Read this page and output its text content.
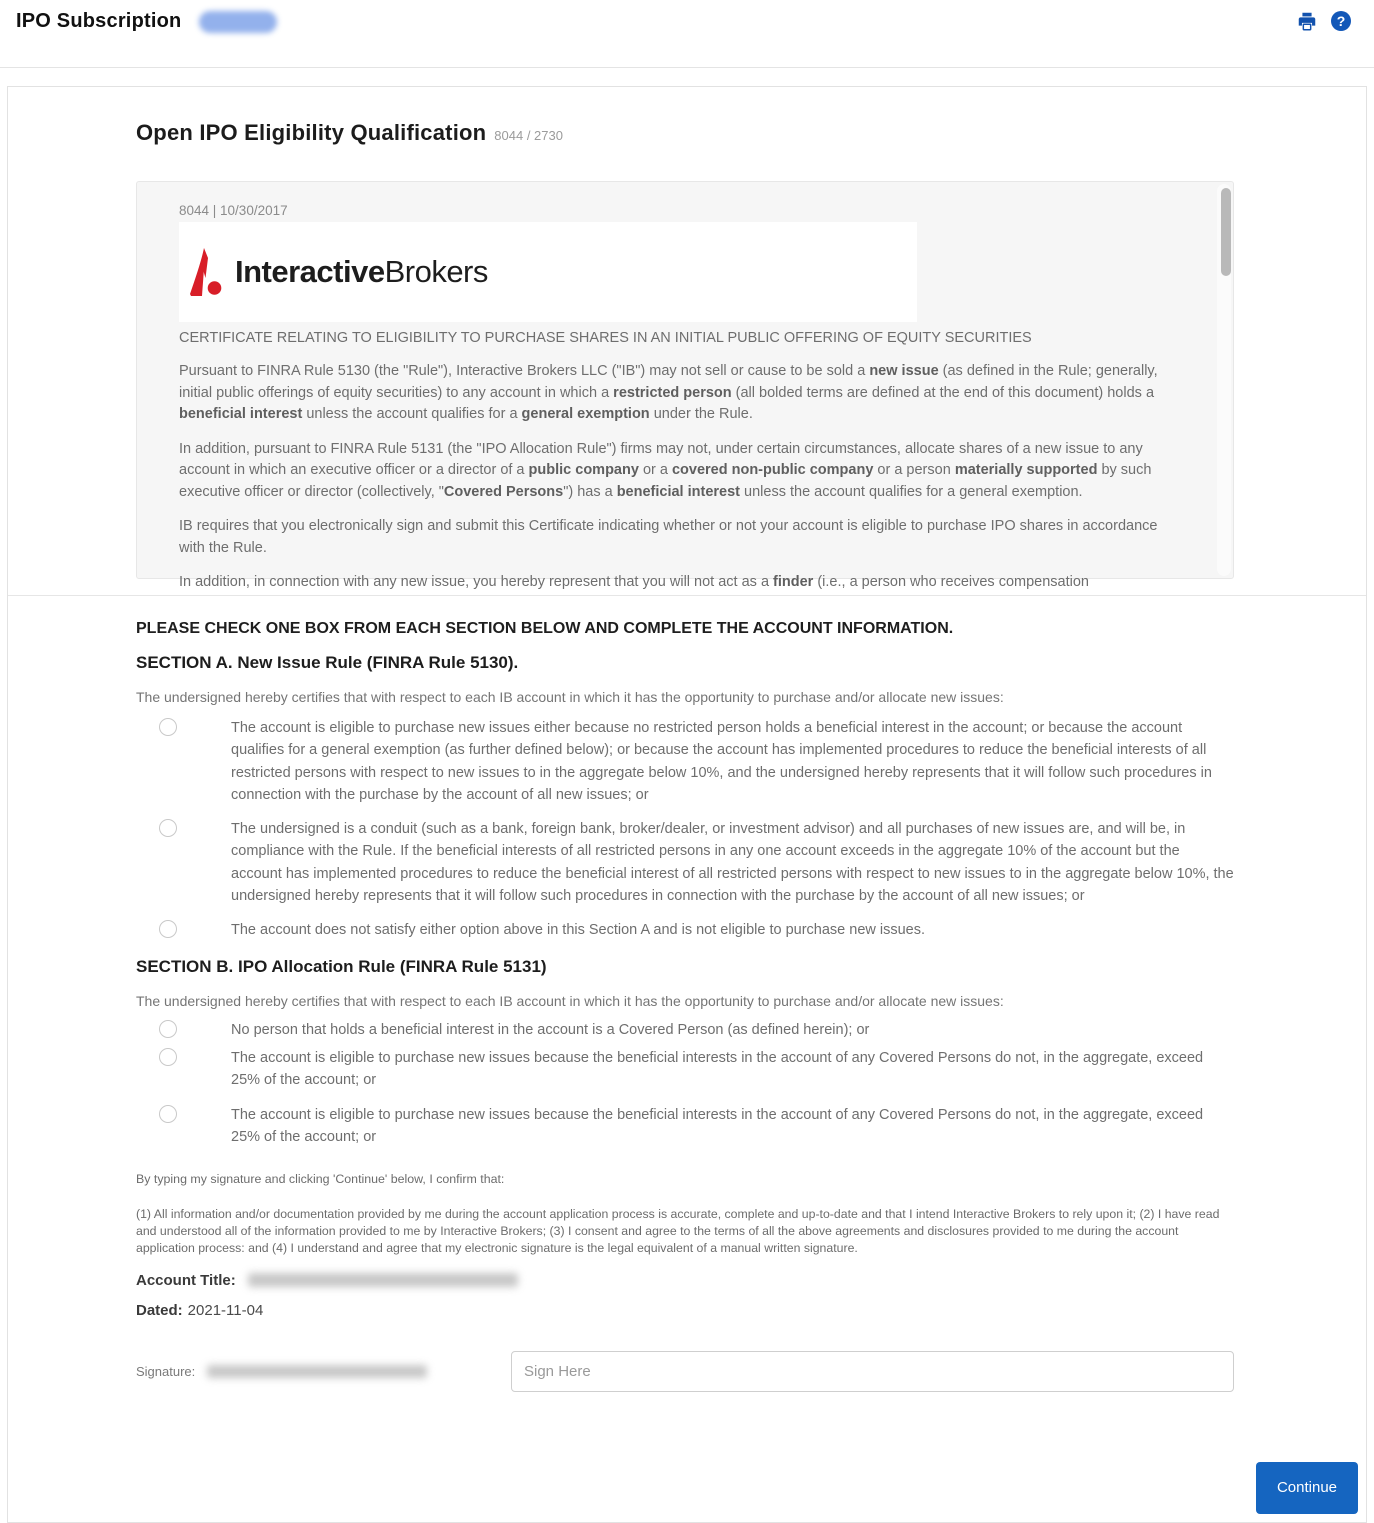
IPO Subscription	?
Open IPO Eligibility Qualification 8044 / 2730
8044 | 10/30/2017
InteractiveBrokers
CERTIFICATE RELATING TO ELIGIBILITY TO PURCHASE SHARES IN AN INITIAL PUBLIC OFFERING OF EQUITY SECURITIES

Pursuant to FINRA Rule 5130 (the "Rule"), Interactive Brokers LLC ("IB") may not sell or cause to be sold a new issue (as defined in the Rule; generally, initial public offerings of equity securities) to any account in which a restricted person (all bolded terms are defined at the end of this document) holds a beneficial interest unless the account qualifies for a general exemption under the Rule.

In addition, pursuant to FINRA Rule 5131 (the "IPO Allocation Rule") firms may not, under certain circumstances, allocate shares of a new issue to any account in which an executive officer or a director of a public company or a covered non-public company or a person materially supported by such executive officer or director (collectively, "Covered Persons") has a beneficial interest unless the account qualifies for a general exemption.

IB requires that you electronically sign and submit this Certificate indicating whether or not your account is eligible to purchase IPO shares in accordance with the Rule.

In addition, in connection with any new issue, you hereby represent that you will not act as a finder (i.e., a person who receives compensation

PLEASE CHECK ONE BOX FROM EACH SECTION BELOW AND COMPLETE THE ACCOUNT INFORMATION.
SECTION A. New Issue Rule (FINRA Rule 5130).
The undersigned hereby certifies that with respect to each IB account in which it has the opportunity to purchase and/or allocate new issues:

The account is eligible to purchase new issues either because no restricted person holds a beneficial interest in the account; or because the account qualifies for a general exemption (as further defined below); or because the account has implemented procedures to reduce the beneficial interests of all restricted persons with respect to new issues to in the aggregate below 10%, and the undersigned hereby represents that it will follow such procedures in connection with the purchase by the account of all new issues; or

The undersigned is a conduit (such as a bank, foreign bank, broker/dealer, or investment advisor) and all purchases of new issues are, and will be, in compliance with the Rule. If the beneficial interests of all restricted persons in any one account exceeds in the aggregate 10% of the account but the account has implemented procedures to reduce the beneficial interest of all restricted persons with respect to new issues to in the aggregate below 10%, the undersigned hereby represents that it will follow such procedures in connection with the purchase by the account of all new issues; or

The account does not satisfy either option above in this Section A and is not eligible to purchase new issues.

SECTION B. IPO Allocation Rule (FINRA Rule 5131)
The undersigned hereby certifies that with respect to each IB account in which it has the opportunity to purchase and/or allocate new issues:

No person that holds a beneficial interest in the account is a Covered Person (as defined herein); or

The account is eligible to purchase new issues because the beneficial interests in the account of any Covered Persons do not, in the aggregate, exceed 25% of the account; or

The account is eligible to purchase new issues because the beneficial interests in the account of any Covered Persons do not, in the aggregate, exceed 25% of the account; or

By typing my signature and clicking 'Continue' below, I confirm that:

(1) All information and/or documentation provided by me during the account application process is accurate, complete and up-to-date and that I intend Interactive Brokers to rely upon it; (2) I have read and understood all of the information provided to me by Interactive Brokers; (3) I consent and agree to the terms of all the above agreements and disclosures provided to me during the account application process: and (4) I understand and agree that my electronic signature is the legal equivalent of a manual written signature.

Account Title:
Dated: 2021-11-04
Signature:
Sign Here
Continue
